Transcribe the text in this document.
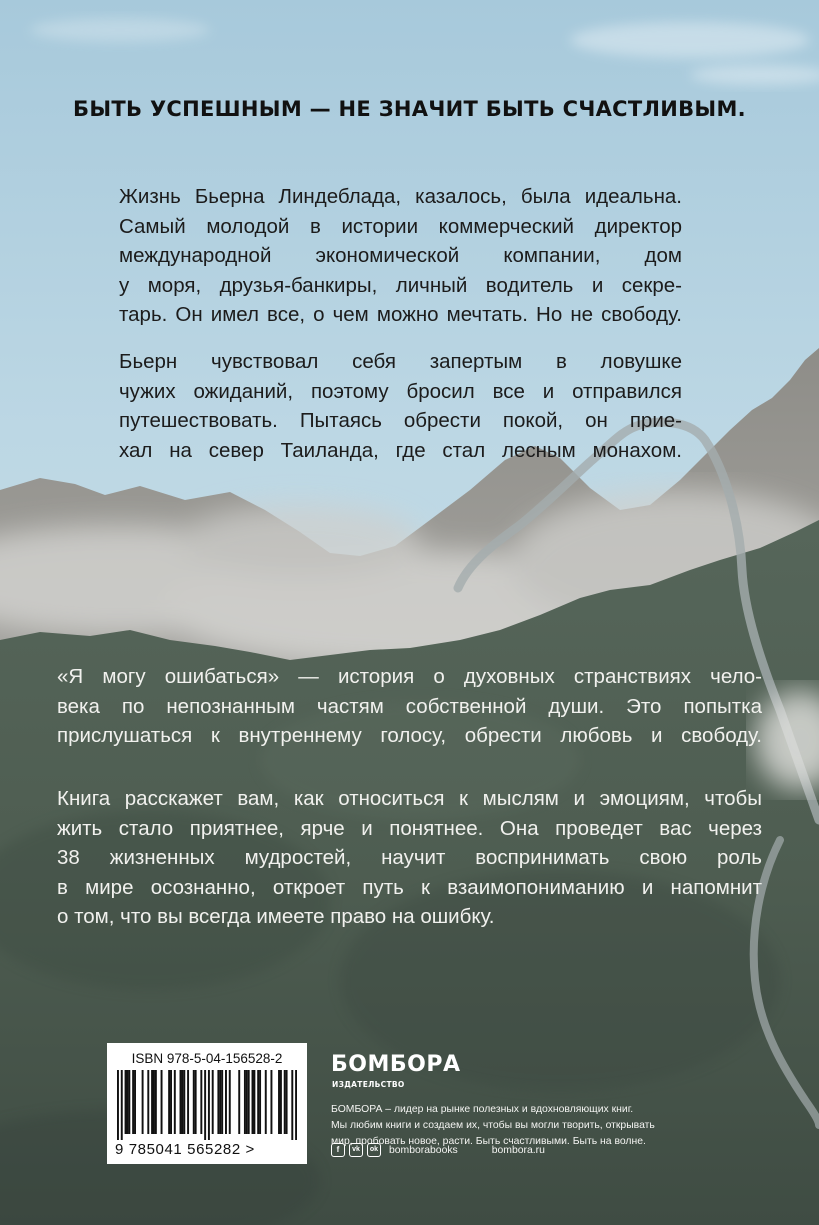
БЫТЬ УСПЕШНЫМ — НЕ ЗНАЧИТ БЫТЬ СЧАСТЛИВЫМ.
Жизнь Бьерна Линдеблада, казалось, была идеальна.
Самый молодой в истории коммерческий директор
международной экономической компании, дом
у моря, друзья-банкиры, личный водитель и секре-
тарь. Он имел все, о чем можно мечтать. Но не свободу.
Бьерн чувствовал себя запертым в ловушке
чужих ожиданий, поэтому бросил все и отправился
путешествовать. Пытаясь обрести покой, он прие-
хал на север Таиланда, где стал лесным монахом.
«Я могу ошибаться» — история о духовных странствиях чело-
века по непознанным частям собственной души. Это попытка
прислушаться к внутреннему голосу, обрести любовь и свободу.
Книга расскажет вам, как относиться к мыслям и эмоциям, чтобы
жить стало приятнее, ярче и понятнее. Она проведет вас через
38 жизненных мудростей, научит воспринимать свою роль
в мире осознанно, откроет путь к взаимопониманию и напомнит
о том, что вы всегда имеете право на ошибку.
ISBN 978-5-04-156528-2
9 785041 565282 >
БОМБОРА
ИЗДАТЕЛЬСТВО
БОМБОРА – лидер на рынке полезных и вдохновляющих книг.
Мы любим книги и создаем их, чтобы вы могли творить, открывать
мир, пробовать новое, расти. Быть счастливыми. Быть на волне.
f	vk	ok bomborabooks	bombora.ru
